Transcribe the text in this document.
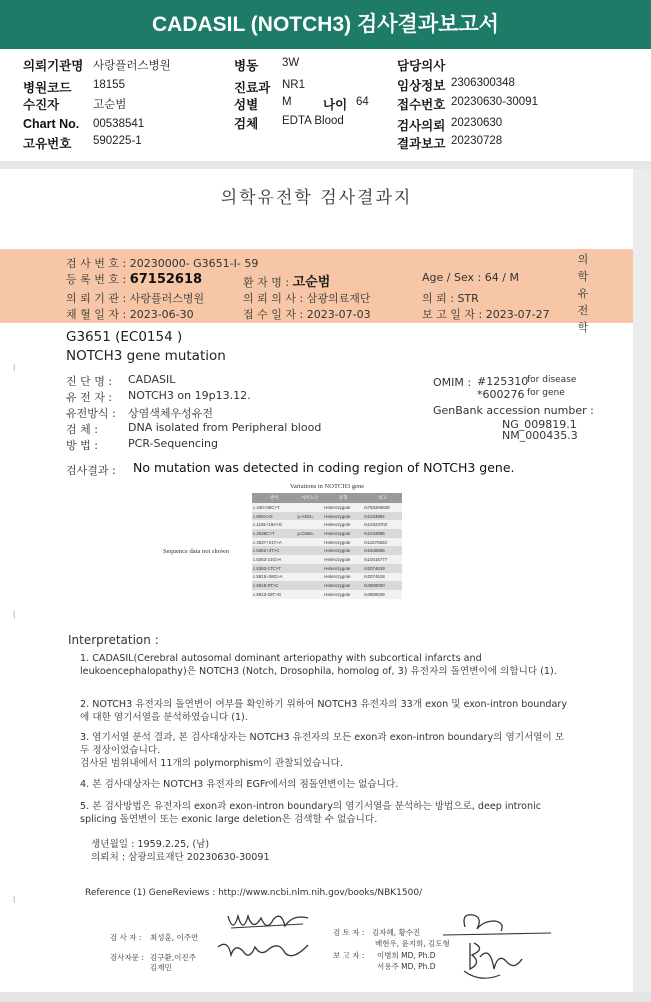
CADASIL (NOTCH3) 검사결과보고서
의뢰기관명 사랑플러스병원
병원코드 18155
수진자	고순범
Chart No. 00538541
고유번호 590225-1
병동 3W
진료과 NR1
성별 M	나이 64
검체 EDTA Blood
담당의사
임상정보 2306300348
접수번호 20230630-30091
검사의뢰 20230630
결과보고 20230728
의학유전학 검사결과지
검 사 번 호 : 20230000- G3651-I- 59
등 록 번 호 : 67152618	환 자 명 : 고순범	Age / Sex : 64 / M
의 뢰 기 관 : 사랑플러스병원	의 뢰 의 사 : 삼광의료재단	의 뢰 : STR
채 혈 일 자 : 2023-06-30	접 수 일 자 : 2023-07-03	보 고 일 자 : 2023-07-27
의
학
유
전
학
G3651 (EC0154 )
NOTCH3 gene mutation
진 단 명 : CADASIL
유 전 자 : NOTCH3 on 19p13.12.
유전방식 : 상염색체우성유전
검 체 :	DNA isolated from Peripheral blood
방 법 :	PCR-Sequencing
OMIM : #125310
for disease
*600276 for gene
GenBank accession number :
NG_009819.1
NM_000435.3
검사결과 : No mutation was detected in coding region of NOTCH3 gene.
Variations in NOTCH3 gene
변이	아미노산	유형	비고
c.340+36C>T		Heterozygote	rs753306839
c.606A>G	p.A202=	Heterozygote	rs1043994
c.1192+19A>G		Heterozygote	rs10423702
c.2538C>T	p.C846=	Heterozygote	rs1043996
c.3637+21T>A		Heterozygote	rs11670823
c.5362+3T>C		Heterozygote	rs1548555
c.5363-21G>A		Heterozygote	rs10416777
c.5363-17C>T		Heterozygote	rs2074619
c.5815+38G>A		Heterozygote	rs2074618
c.5818-8T>C		Heterozygote	rs4809030
c.5913-28T>G		Heterozygote	rs4809029
Sequence data not shown
Interpretation :
1. CADASIL(Cerebral autosomal dominant arteriopathy with subcortical infarcts and leukoencephalopathy)은 NOTCH3 (Notch, Drosophila, homolog of, 3) 유전자의 돌연변이에 의합니다 (1).
2. NOTCH3 유전자의 돌연변이 여부를 확인하기 위하여 NOTCH3 유전자의 33개 exon 및 exon-intron boundary에 대한 염기서열을 분석하였습니다 (1).
3. 염기서열 분석 결과, 본 검사대상자는 NOTCH3 유전자의 모든 exon과 exon-intron boundary의 염기서열이 모두 정상이었습니다.
검사된 범위내에서 11개의 polymorphism이 관찰되었습니다.
4. 본 검사대상자는 NOTCH3 유전자의 EGFr에서의 점돌연변이는 없습니다.
5. 본 검사방법은 유전자의 exon과 exon-intron boundary의 염기서열을 분석하는 방법으로, deep intronic splicing 돌연변이 또는 exonic large deletion은 검색할 수 없습니다.
생년월일 : 1959.2.25, (남)
의뢰처 : 삼광의료재단 20230630-30091
Reference (1) GeneReviews : http://www.ncbi.nlm.nih.gov/books/NBK1500/
검 사 자 : 최성훈, 이주연
검사자문 : 김구환,이진주
김재민
검 토 자 : 김자혜, 황수진
배현우, 윤지희, 김도형
보 고 자 : 이병희 MD, Ph.D
서용주 MD, Ph.D
⌇
⌇
⌇
